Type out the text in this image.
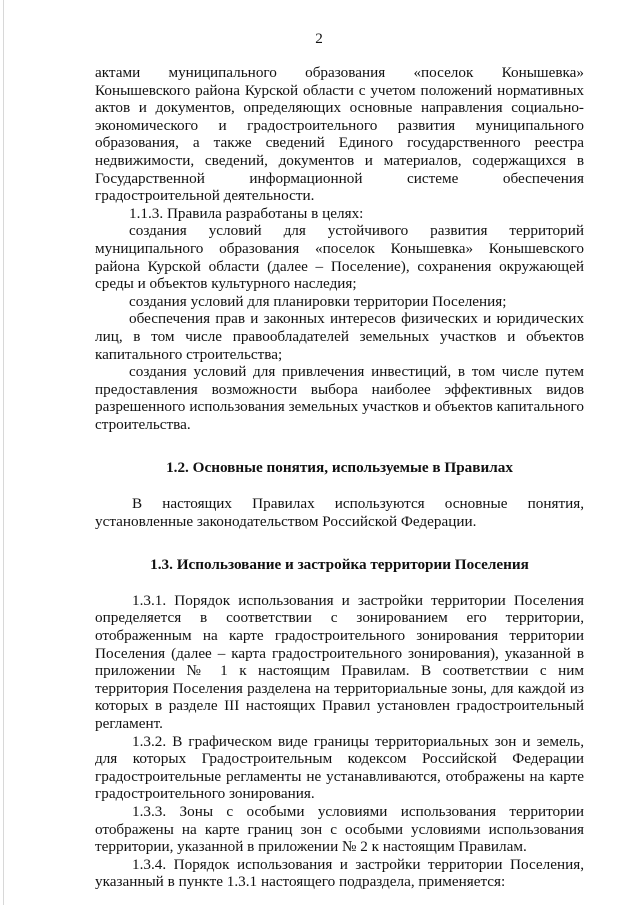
2

актами муниципального образования «поселок Конышевка» Конышевского района Курской области с учетом положений нормативных актов и документов, определяющих основные направления социально-экономического и градостроительного развития муниципального образования, а также сведений Единого государственного реестра недвижимости, сведений, документов и материалов, содержащихся в Государственной информационной системе обеспечения градостроительной деятельности.

1.1.3. Правила разработаны в целях:

создания условий для устойчивого развития территорий муниципального образования «поселок Конышевка» Конышевского района Курской области (далее – Поселение), сохранения окружающей среды и объектов культурного наследия;

создания условий для планировки территории Поселения;

обеспечения прав и законных интересов физических и юридических лиц, в том числе правообладателей земельных участков и объектов капитального строительства;

создания условий для привлечения инвестиций, в том числе путем предоставления возможности выбора наиболее эффективных видов разрешенного использования земельных участков и объектов капитального строительства.

1.2. Основные понятия, используемые в Правилах

В настоящих Правилах используются основные понятия, установленные законодательством Российской Федерации.

1.3. Использование и застройка территории Поселения

1.3.1. Порядок использования и застройки территории Поселения определяется в соответствии с зонированием его территории, отображенным на карте градостроительного зонирования территории Поселения (далее – карта градостроительного зонирования), указанной в приложении № 1 к настоящим Правилам. В соответствии с ним территория Поселения разделена на территориальные зоны, для каждой из которых в разделе III настоящих Правил установлен градостроительный регламент.

1.3.2. В графическом виде границы территориальных зон и земель, для которых Градостроительным кодексом Российской Федерации градостроительные регламенты не устанавливаются, отображены на карте градостроительного зонирования.

1.3.3. Зоны с особыми условиями использования территории отображены на карте границ зон с особыми условиями использования территории, указанной в приложении № 2 к настоящим Правилам.

1.3.4. Порядок использования и застройки территории Поселения, указанный в пункте 1.3.1 настоящего подраздела, применяется:
